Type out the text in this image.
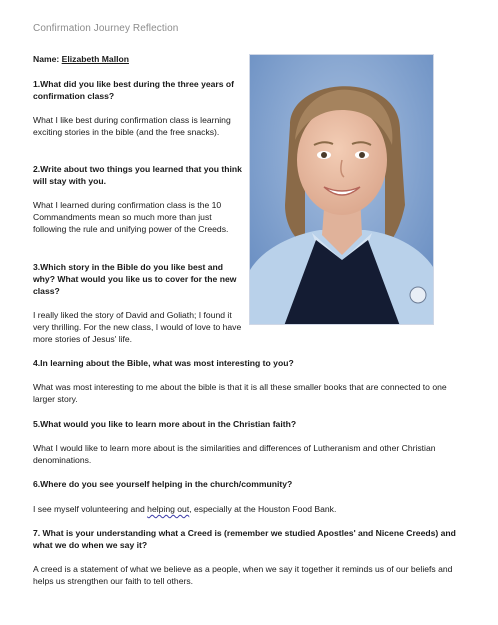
Confirmation Journey Reflection
Name: Elizabeth Mallon
1.What did you like best during the three years of confirmation class?
What I like best during confirmation class is learning exciting stories in the bible (and the free snacks).
2.Write about two things you learned that you think will stay with you.
What I learned during confirmation class is the 10 Commandments mean so much more than just following the rule and unifying power of the Creeds.
3.Which story in the Bible do you like best and why? What would you like us to cover for the new class?
I really liked the story of David and Goliath; I found it very thrilling. For the new class, I would of love to have more stories of Jesus' life.
4.In learning about the Bible, what was most interesting to you?
What was most interesting to me about the bible is that it is all these smaller books that are connected to one larger story.
5.What would you like to learn more about in the Christian faith?
What I would like to learn more about is the similarities and differences of Lutheranism and other Christian denominations.
6.Where do you see yourself helping in the church/community?
I see myself volunteering and helping out, especially at the Houston Food Bank.
7. What is your understanding what a Creed is (remember we studied Apostles' and Nicene Creeds) and what we do when we say it?
A creed is a statement of what we believe as a people, when we say it together it reminds us of our beliefs and helps us strengthen our faith to tell others.
